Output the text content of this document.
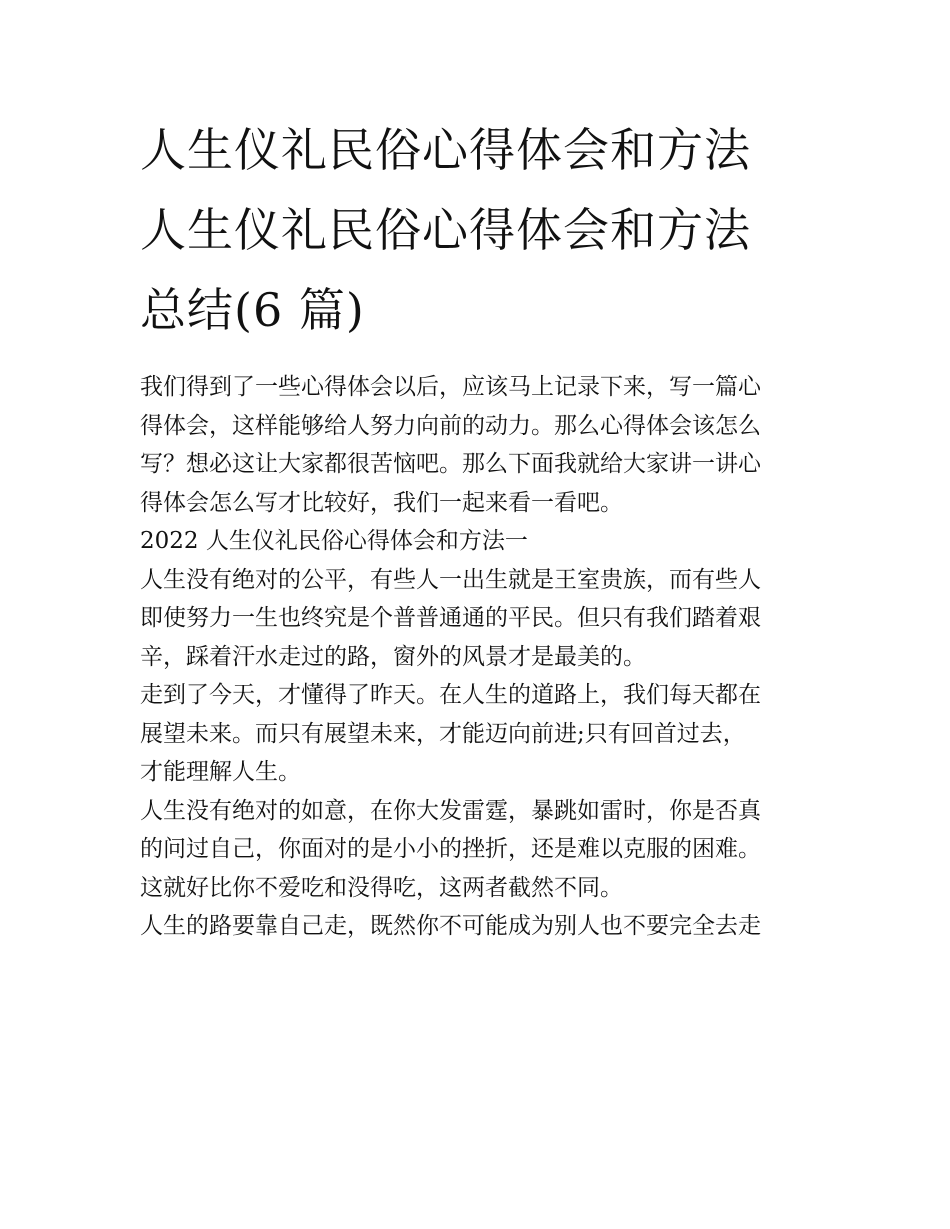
人生仪礼民俗心得体会和方法
人生仪礼民俗心得体会和方法
总结(6 篇)

我们得到了一些心得体会以后，应该马上记录下来，写一篇心
得体会，这样能够给人努力向前的动力。那么心得体会该怎么
写？想必这让大家都很苦恼吧。那么下面我就给大家讲一讲心
得体会怎么写才比较好，我们一起来看一看吧。

2022 人生仪礼民俗心得体会和方法一

人生没有绝对的公平，有些人一出生就是王室贵族，而有些人
即使努力一生也终究是个普普通通的平民。但只有我们踏着艰
辛，踩着汗水走过的路，窗外的风景才是最美的。

走到了今天，才懂得了昨天。在人生的道路上，我们每天都在
展望未来。而只有展望未来，才能迈向前进;只有回首过去，
才能理解人生。

人生没有绝对的如意，在你大发雷霆，暴跳如雷时，你是否真
的问过自己，你面对的是小小的挫折，还是难以克服的困难。
这就好比你不爱吃和没得吃，这两者截然不同。

人生的路要靠自己走，既然你不可能成为别人也不要完全去走
